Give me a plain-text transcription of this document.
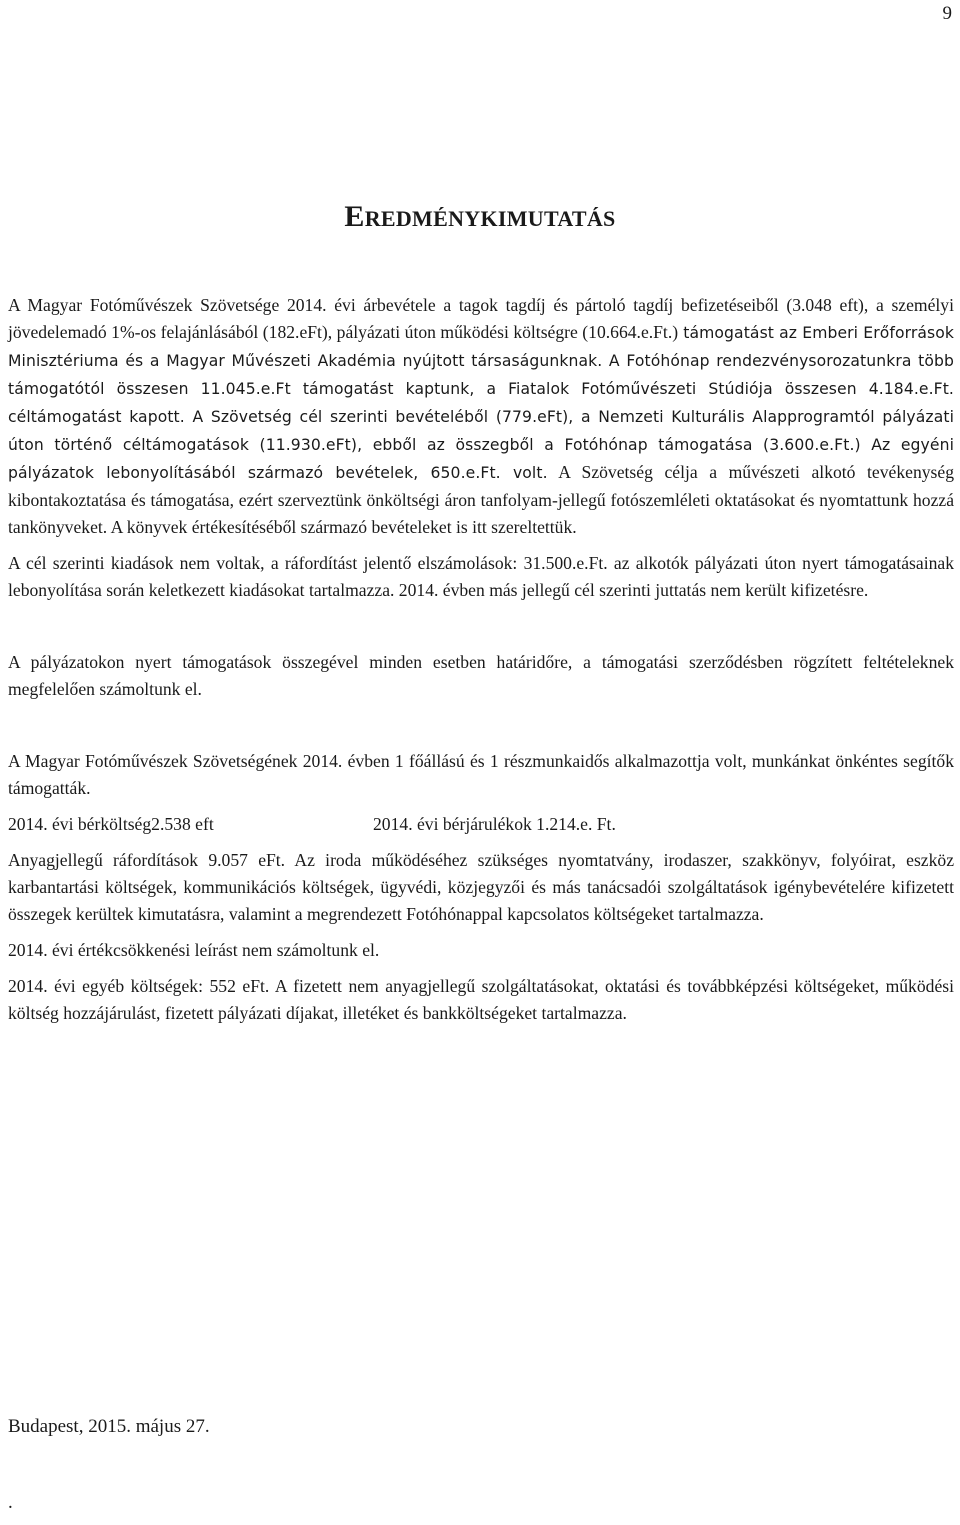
9
EREDMÉNYKIMUTATÁS

A Magyar Fotóművészek Szövetsége 2014. évi árbevétele a tagok tagdíj és pártoló tagdíj befizetéseiből (3.048 eft), a személyi jövedelemadó 1%-os felajánlásából (182.eFt), pályázati úton működési költségre (10.664.e.Ft.) támogatást az Emberi Erőforrások Minisztériuma és a Magyar Művészeti Akadémia nyújtott társaságunknak. A Fotóhónap rendezvénysorozatunkra több támogatótól összesen 11.045.e.Ft támogatást kaptunk, a Fiatalok Fotóművészeti Stúdiója összesen 4.184.e.Ft. céltámogatást kapott. A Szövetség cél szerinti bevételéből (779.eFt), a Nemzeti Kulturális Alapprogramtól pályázati úton történő céltámogatások (11.930.eFt), ebből az összegből a Fotóhónap támogatása (3.600.e.Ft.) Az egyéni pályázatok lebonyolításából származó bevételek, 650.e.Ft. volt. A Szövetség célja a művészeti alkotó tevékenység kibontakoztatása és támogatása, ezért szerveztünk önköltségi áron tanfolyam-jellegű fotószemléleti oktatásokat és nyomtattunk hozzá tankönyveket. A könyvek értékesítéséből származó bevételeket is itt szereltettük.

A cél szerinti kiadások nem voltak, a ráfordítást jelentő elszámolások: 31.500.e.Ft. az alkotók pályázati úton nyert támogatásainak lebonyolítása során keletkezett kiadásokat tartalmazza. 2014. évben más jellegű cél szerinti juttatás nem került kifizetésre.

A pályázatokon nyert támogatások összegével minden esetben határidőre, a támogatási szerződésben rögzített feltételeknek megfelelően számoltunk el.

A Magyar Fotóművészek Szövetségének 2014. évben 1 főállású és 1 részmunkaidős alkalmazottja volt, munkánkat önkéntes segítők támogatták.

2014. évi bérköltség2.538 eft	2014. évi bérjárulékok 1.214.e. Ft.

Anyagjellegű ráfordítások 9.057 eFt. Az iroda működéséhez szükséges nyomtatvány, irodaszer, szakkönyv, folyóirat, eszköz karbantartási költségek, kommunikációs költségek, ügyvédi, közjegyzői és más tanácsadói szolgáltatások igénybevételére kifizetett összegek kerültek kimutatásra, valamint a megrendezett Fotóhónappal kapcsolatos költségeket tartalmazza.

2014. évi értékcsökkenési leírást nem számoltunk el.

2014. évi egyéb költségek: 552 eFt. A fizetett nem anyagjellegű szolgáltatásokat, oktatási és továbbképzési költségeket, működési költség hozzájárulást, fizetett pályázati díjakat, illetéket és bankköltségeket tartalmazza.

Budapest, 2015. május 27.

.
